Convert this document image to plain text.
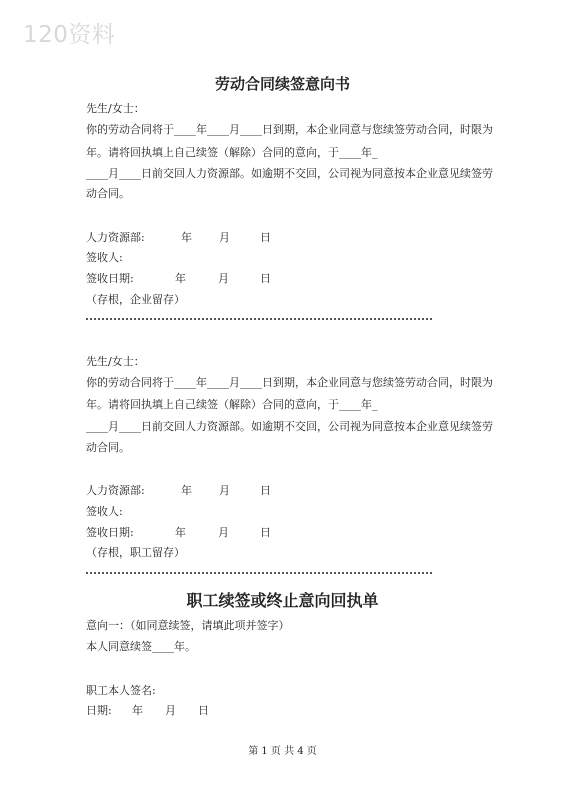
120资料
劳动合同续签意向书
先生/女士：
你的劳动合同将于____年____月____日到期，本企业同意与您续签劳动合同，时限为
年。请将回执填上自己续签（解除）合同的意向，于____年_
____月____日前交回人力资源部。如逾期不交回，公司视为同意按本企业意见续签劳
动合同。
人力资源部:	年 月	日
签收人:
签收日期:	年	月	日
（存根，企业留存）
先生/女士：
你的劳动合同将于____年____月____日到期，本企业同意与您续签劳动合同，时限为
年。请将回执填上自己续签（解除）合同的意向，于____年_
____月____日前交回人力资源部。如逾期不交回，公司视为同意按本企业意见续签劳
动合同。
人力资源部:	年 月	日
签收人:
签收日期:	年	月	日
（存根，职工留存）
职工续签或终止意向回执单
意向一：（如同意续签，请填此项并签字）
本人同意续签____年。
职工本人签名:
日期: 年 月 日
第 1 页 共 4 页
